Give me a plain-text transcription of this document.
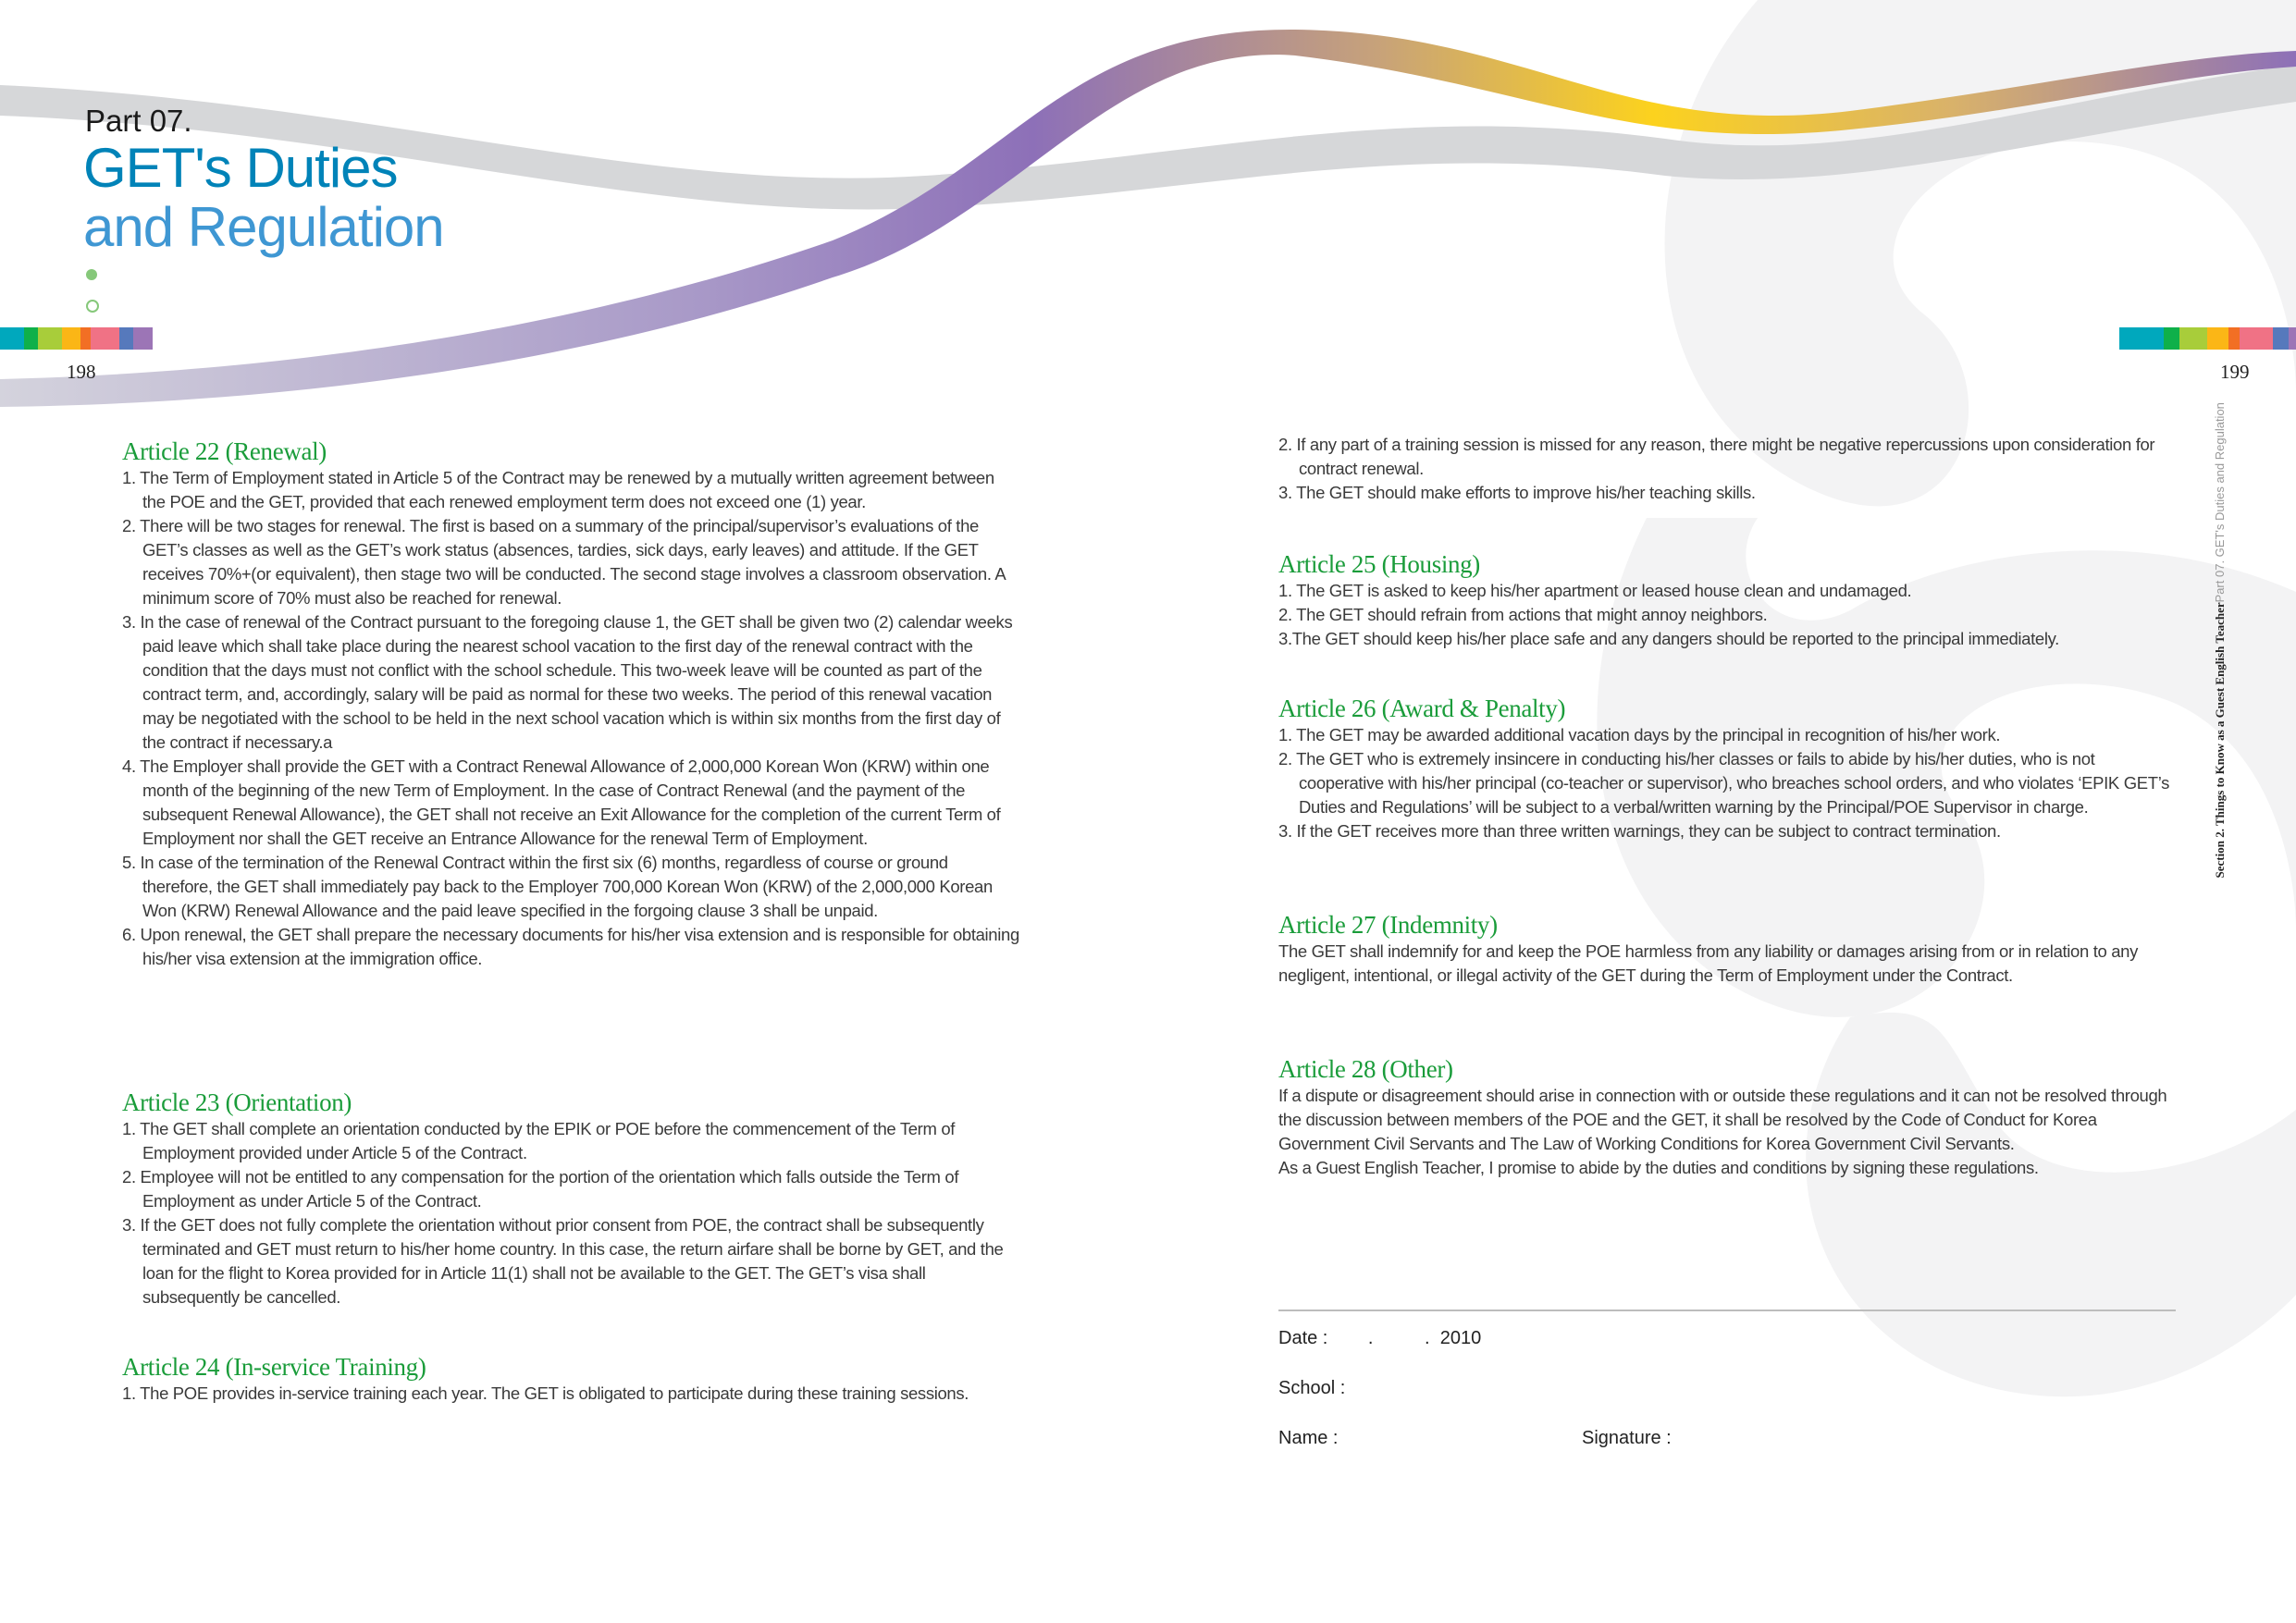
Part 07.
GET's Duties
and Regulation
198	199
Section 2. Things to Know as a Guest English TeacherPart 07. GET's Duties and Regulation
Article 22 (Renewal)
1. The Term of Employment stated in Article 5 of the Contract may be renewed by a mutually written agreement between the POE and the GET, provided that each renewed employment term does not exceed one (1) year.
2. There will be two stages for renewal. The first is based on a summary of the principal/supervisor’s evaluations of the GET’s classes as well as the GET’s work status (absences, tardies, sick days, early leaves) and attitude. If the GET receives 70%+(or equivalent), then stage two will be conducted. The second stage involves a classroom observation. A minimum score of 70% must also be reached for renewal.
3. In the case of renewal of the Contract pursuant to the foregoing clause 1, the GET shall be given two (2) calendar weeks paid leave which shall take place during the nearest school vacation to the first day of the renewal contract with the condition that the days must not conflict with the school schedule. This two-week leave will be counted as part of the contract term, and, accordingly, salary will be paid as normal for these two weeks. The period of this renewal vacation may be negotiated with the school to be held in the next school vacation which is within six months from the first day of the contract if necessary.a
4. The Employer shall provide the GET with a Contract Renewal Allowance of 2,000,000 Korean Won (KRW) within one month of the beginning of the new Term of Employment. In the case of Contract Renewal (and the payment of the subsequent Renewal Allowance), the GET shall not receive an Exit Allowance for the completion of the current Term of Employment nor shall the GET receive an Entrance Allowance for the renewal Term of Employment.
5. In case of the termination of the Renewal Contract within the first six (6) months, regardless of course or ground therefore, the GET shall immediately pay back to the Employer 700,000 Korean Won (KRW) of the 2,000,000 Korean Won (KRW) Renewal Allowance and the paid leave specified in the forgoing clause 3 shall be unpaid.
6. Upon renewal, the GET shall prepare the necessary documents for his/her visa extension and is responsible for obtaining his/her visa extension at the immigration office.
Article 23 (Orientation)
1. The GET shall complete an orientation conducted by the EPIK or POE before the commencement of the Term of Employment provided under Article 5 of the Contract.
2. Employee will not be entitled to any compensation for the portion of the orientation which falls outside the Term of Employment as under Article 5 of the Contract.
3. If the GET does not fully complete the orientation without prior consent from POE, the contract shall be subsequently terminated and GET must return to his/her home country. In this case, the return airfare shall be borne by GET, and the loan for the flight to Korea provided for in Article 11(1) shall not be available to the GET. The GET’s visa shall subsequently be cancelled.
Article 24 (In-service Training)
1. The POE provides in-service training each year. The GET is obligated to participate during these training sessions.
2. If any part of a training session is missed for any reason, there might be negative repercussions upon consideration for contract renewal.
3. The GET should make efforts to improve his/her teaching skills.
Article 25 (Housing)
1. The GET is asked to keep his/her apartment or leased house clean and undamaged.
2. The GET should refrain from actions that might annoy neighbors.
3.The GET should keep his/her place safe and any dangers should be reported to the principal immediately.
Article 26 (Award & Penalty)
1. The GET may be awarded additional vacation days by the principal in recognition of his/her work.
2. The GET who is extremely insincere in conducting his/her classes or fails to abide by his/her duties, who is not cooperative with his/her principal (co-teacher or supervisor), who breaches school orders, and who violates ‘EPIK GET’s Duties and Regulations’ will be subject to a verbal/written warning by the Principal/POE Supervisor in charge.
3. If the GET receives more than three written warnings, they can be subject to contract termination.
Article 27 (Indemnity)
The GET shall indemnify for and keep the POE harmless from any liability or damages arising from or in relation to any negligent, intentional, or illegal activity of the GET during the Term of Employment under the Contract.
Article 28 (Other)
If a dispute or disagreement should arise in connection with or outside these regulations and it can not be resolved through the discussion between members of the POE and the GET, it shall be resolved by the Code of Conduct for Korea Government Civil Servants and The Law of Working Conditions for Korea Government Civil Servants.
As a Guest English Teacher, I promise to abide by the duties and conditions by signing these regulations.
Date : .          .  2010
School :
Name :	Signature :
